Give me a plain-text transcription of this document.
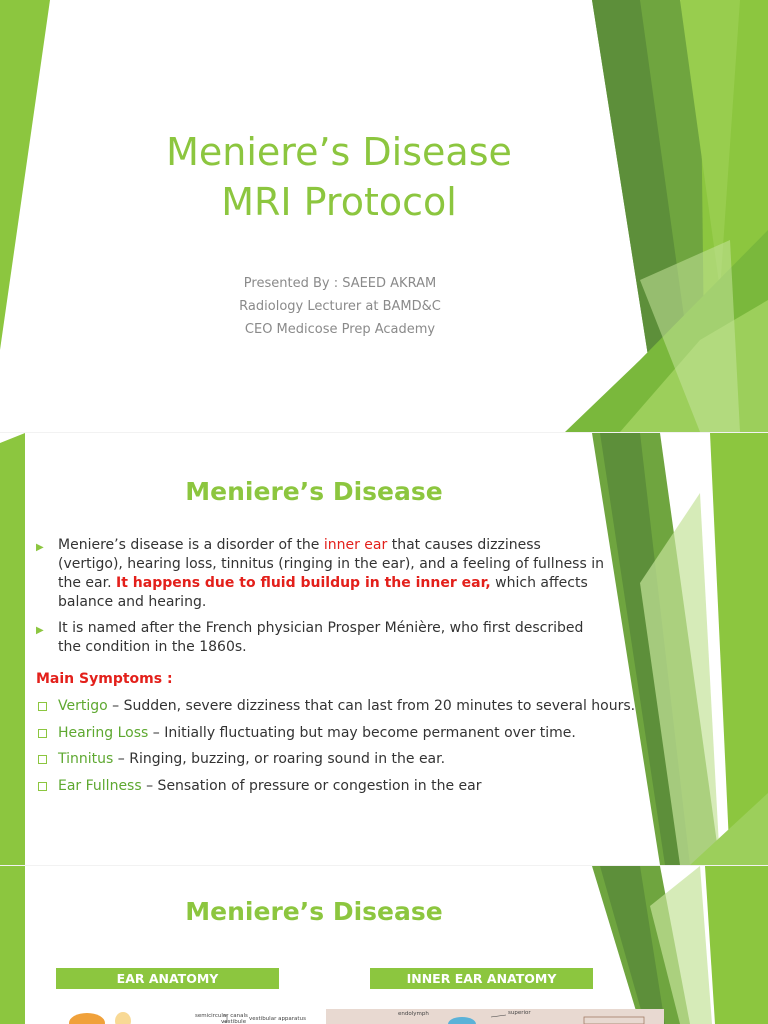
Meniere’s Disease
MRI Protocol
Presented By : SAEED AKRAM
Radiology Lecturer at BAMD&C
CEO Medicose Prep Academy
Meniere’s Disease
▶ Meniere’s disease is a disorder of the inner ear that causes dizziness (vertigo), hearing loss, tinnitus (ringing in the ear), and a feeling of fullness in the ear. It happens due to fluid buildup in the inner ear, which affects balance and hearing.
▶ It is named after the French physician Prosper Ménière, who first described the condition in the 1860s.
Main Symptoms :
Vertigo – Sudden, severe dizziness that can last from 20 minutes to several hours.
Hearing Loss – Initially fluctuating but may become permanent over time.
Tinnitus – Ringing, buzzing, or roaring sound in the ear.
Ear Fullness – Sensation of pressure or congestion in the ear
Meniere’s Disease
EAR ANATOMY	INNER EAR ANATOMY
semicircular canals
vestibule vestibular apparatus
endolymph	superior
